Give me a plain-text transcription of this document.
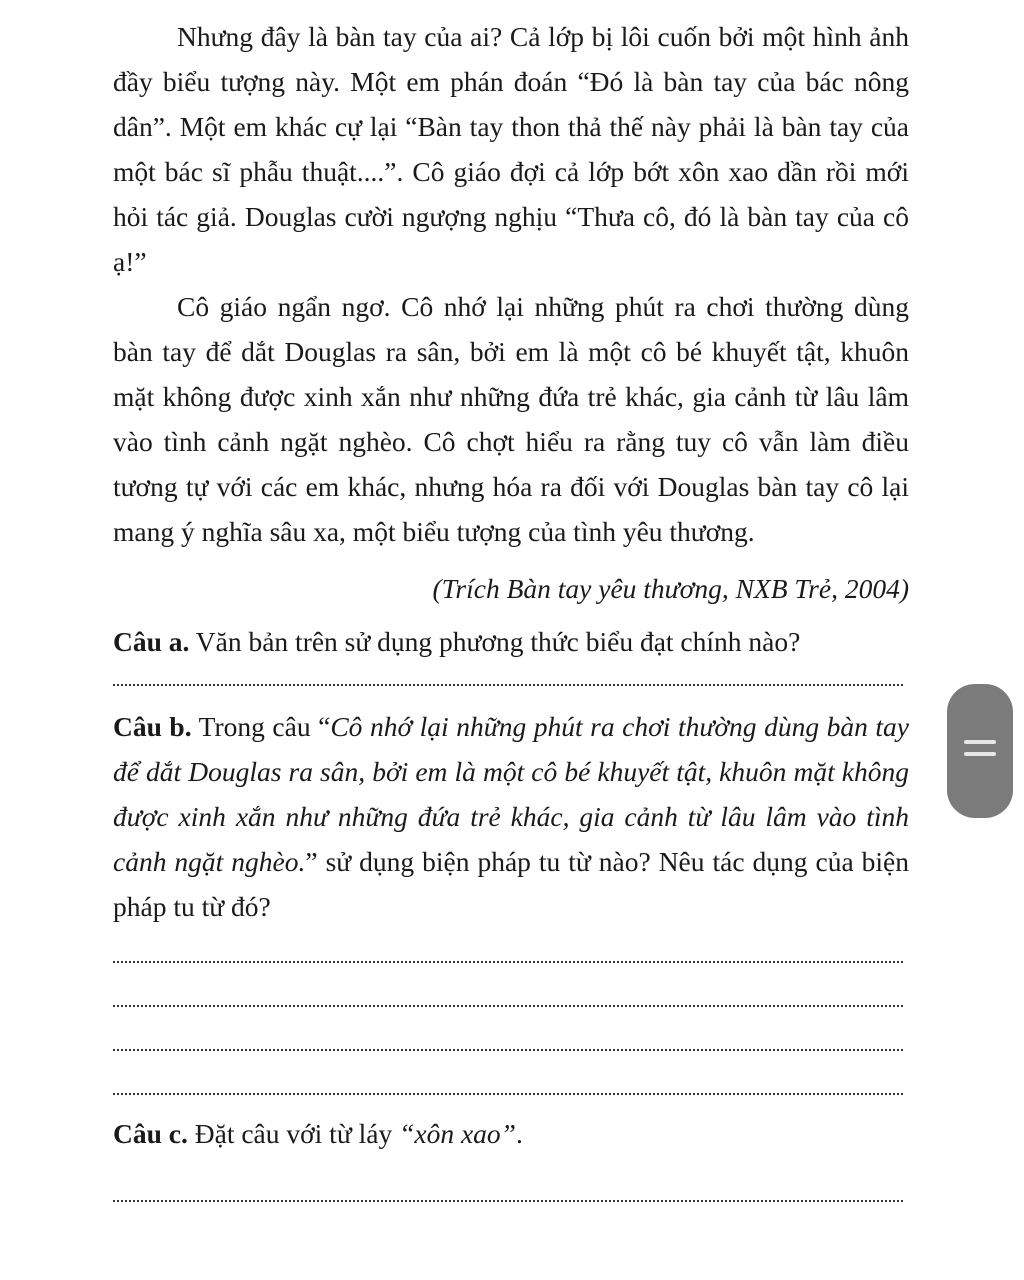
Nhưng đây là bàn tay của ai? Cả lớp bị lôi cuốn bởi một hình ảnh đầy biểu tượng này. Một em phán đoán “Đó là bàn tay của bác nông dân”. Một em khác cự lại “Bàn tay thon thả thế này phải là bàn tay của một bác sĩ phẫu thuật....”. Cô giáo đợi cả lớp bớt xôn xao dần rồi mới hỏi tác giả. Douglas cười ngượng nghịu “Thưa cô, đó là bàn tay của cô ạ!”

Cô giáo ngẩn ngơ. Cô nhớ lại những phút ra chơi thường dùng bàn tay để dắt Douglas ra sân, bởi em là một cô bé khuyết tật, khuôn mặt không được xinh xắn như những đứa trẻ khác, gia cảnh từ lâu lâm vào tình cảnh ngặt nghèo. Cô chợt hiểu ra rằng tuy cô vẫn làm điều tương tự với các em khác, nhưng hóa ra đối với Douglas bàn tay cô lại mang ý nghĩa sâu xa, một biểu tượng của tình yêu thương.

(Trích Bàn tay yêu thương, NXB Trẻ, 2004)

Câu a. Văn bản trên sử dụng phương thức biểu đạt chính nào?

Câu b. Trong câu “Cô nhớ lại những phút ra chơi thường dùng bàn tay để dắt Douglas ra sân, bởi em là một cô bé khuyết tật, khuôn mặt không được xinh xắn như những đứa trẻ khác, gia cảnh từ lâu lâm vào tình cảnh ngặt nghèo.” sử dụng biện pháp tu từ nào? Nêu tác dụng của biện pháp tu từ đó?

Câu c. Đặt câu với từ láy “xôn xao”.
